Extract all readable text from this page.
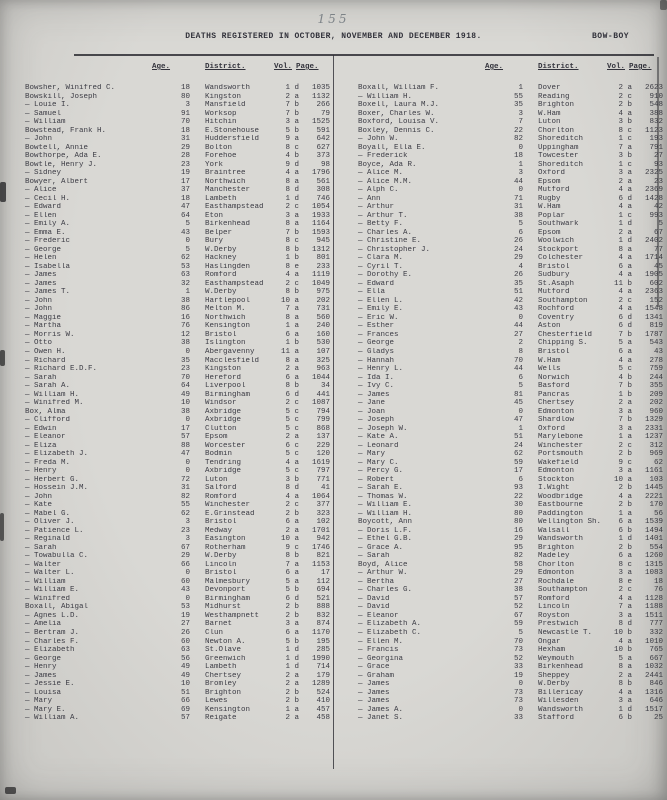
155
DEATHS REGISTERED IN OCTOBER, NOVEMBER AND DECEMBER 1918.	BOW-BOY
Age.	District.	Vol. Page.	Age.	District.	Vol. Page.
Bowsher, Winifred C.	18	Wandsworth	1 d	1035
Bowskill, Joseph	80	Kingston	2 a	1132
— Louie I.	3	Mansfield	7 b	266
— Samuel	91	Worksop	7 b	79
— William	70	Hitchin	3 a	1525
Bowstead, Frank H.	18	E.Stonehouse	5 b	591
— John	31	Huddersfield	9 a	642
Bowtell, Annie	29	Bolton	8 c	627
Bowthorpe, Ada E.	28	Forehoe	4 b	373
Bowtle, Henry J.	23	York	9 d	98
— Sidney	19	Braintree	4 a	1796
Bowyer, Albert	17	Northwich	8 a	561
— Alice	37	Manchester	8 d	308
— Cecil H.	18	Lambeth	1 d	746
— Edward	47	Easthampstead	2 c	1054
— Ellen	64	Eton	3 a	1933
— Emily A.	5	Birkenhead	8 a	1164
— Emma E.	43	Belper	7 b	1593
— Frederic	0	Bury	8 c	945
— George	5	W.Derby	8 b	1312
— Helen	62	Hackney	1 b	801
— Isabella	53	Haslingden	8 e	233
— James	63	Romford	4 a	1119
— James	32	Easthampstead	2 c	1049
— James T.	1	W.Derby	8 b	975
— John	38	Hartlepool	10 a	202
— John	86	Melton M.	7 a	731
— Maggie	16	Northwich	8 a	560
— Martha	76	Kensington	1 a	240
— Morris W.	12	Bristol	6 a	160
— Otto	38	Islington	1 b	530
— Owen H.	0	Abergavenny	11 a	107
— Richard	35	Macclesfield	8 a	325
— Richard E.D.F.	23	Kingston	2 a	963
— Sarah	70	Hereford	6 a	1044
— Sarah A.	64	Liverpool	8 b	34
— William H.	49	Birmingham	6 d	441
— Winifred M.	10	Windsor	2 c	1087
Box, Alma	38	Axbridge	5 c	794
— Clifford	0	Axbridge	5 c	799
— Edwin	17	Clutton	5 c	868
— Eleanor	57	Epsom	2 a	137
— Eliza	88	Worcester	6 c	229
— Elizabeth J.	47	Bodmin	5 c	120
— Freda M.	0	Tendring	4 a	1619
— Henry	0	Axbridge	5 c	797
— Herbert G.	72	Luton	3 b	771
— Hossein J.M.	31	Salford	8 d	41
— John	82	Romford	4 a	1064
— Kate	55	Winchester	2 c	377
— Mabel G.	62	E.Grinstead	2 b	323
— Oliver J.	3	Bristol	6 a	102
— Patience L.	23	Medway	2 a	1701
— Reginald	3	Easington	10 a	942
— Sarah	67	Rotherham	9 c	1746
— Towabulla C.	29	W.Derby	8 b	821
— Walter	66	Lincoln	7 a	1153
— Walter L.	0	Bristol	6 a	17
— William	60	Malmesbury	5 a	112
— William E.	43	Devonport	5 b	694
— Winifred	0	Birmingham	6 d	521
Boxall, Abigal	53	Midhurst	2 b	888
— Agnes L.D.	19	Westhampnett	2 b	832
— Amelia	27	Barnet	3 a	874
— Bertram J.	26	Clun	6 a	1170
— Charles F.	60	Newton A.	5 b	195
— Elizabeth	63	St.Olave	1 d	285
— George	56	Greenwich	1 d	1990
— Henry	49	Lambeth	1 d	714
— James	49	Chertsey	2 a	179
— Jessie E.	10	Bromley	2 a	1289
— Louisa	51	Brighton	2 b	524
— Mary	66	Lewes	2 b	410
— Mary E.	69	Kensington	1 a	457
— William A.	57	Reigate	2 a	458
Boxall, William F.	1	Dover	2 a	2623
— William H.	55	Reading	2 c	910
Boxell, Laura M.J.	35	Brighton	2 b	548
Boxer, Charles W.	3	W.Ham	4 a	388
Boxford, Louisa V.	7	Luton	3 b	832
Boxley, Dennis C.	22	Chorlton	8 c	1123
— John W.	82	Shoreditch	1 c	193
Boyall, Ella E.	0	Uppingham	7 a	791
— Frederick	18	Towcester	3 b	27
Boyce, Ada R.	1	Shoreditch	1 c	93
— Alice M.	3	Oxford	3 a	2325
— Alice M.M.	44	Epsom	2 a	23
— Alph C.	0	Mutford	4 a	2369
— Ann	71	Rugby	6 d	1428
— Arthur	31	W.Ham	4 a	42
— Arthur T.	38	Poplar	1 c	993
— Betty F.	5	Southwark	1 d	5
— Charles A.	6	Epsom	2 a	67
— Christine E.	26	Woolwich	1 d	2402
— Christopher J.	24	Stockport	8 a	77
— Clara M.	29	Colchester	4 a	1714
— Cyril T.	4	Bristol	6 a	45
— Dorothy E.	26	Sudbury	4 a	1905
— Edward	35	St.Asaph	11 b	602
— Ella	51	Mutford	4 a	2363
— Ellen L.	42	Southampton	2 c	152
— Emily E.	43	Rochford	4 a	1548
— Eric W.	0	Coventry	6 d	1341
— Esther	44	Aston	6 d	819
— Frances	27	Chesterfield	7 b	1787
— George	2	Chipping S.	5 a	543
— Gladys	8	Bristol	6 a	43
— Hannah	70	W.Ham	4 a	278
— Henry L.	44	Wells	5 c	759
— Ida I.	6	Norwich	4 b	244
— Ivy C.	5	Basford	7 b	355
— James	81	Pancras	1 b	209
— Jane	45	Chertsey	2 a	202
— Joan	0	Edmonton	3 a	960
— Joseph	47	Shardlow	7 b	1329
— Joseph W.	1	Oxford	3 a	2331
— Kate A.	51	Marylebone	1 a	1237
— Leonard	24	Winchester	2 c	312
— Mary	62	Portsmouth	2 b	969
— Mary C.	59	Wakefield	9 c	62
— Percy G.	17	Edmonton	3 a	1161
— Robert	6	Stockton	10 a	103
— Sarah E.	93	I.Wight	2 b	1445
— Thomas W.	22	Woodbridge	4 a	2221
— William E.	30	Eastbourne	2 b	170
— William H.	80	Paddington	1 a	56
Boycott, Ann	80	Wellington Sh.	6 a	1539
— Doris L.F.	16	Walsall	6 b	1494
— Ethel G.B.	29	Wandsworth	1 d	1401
— Grace A.	95	Brighton	2 b	554
— Sarah	82	Madeley	6 a	1260
Boyd, Alice	58	Chorlton	8 c	1315
— Arthur W.	29	Edmonton	3 a	1083
— Bertha	27	Rochdale	8 e	18
— Charles G.	38	Southampton	2 c	76
— David	57	Romford	4 a	1128
— David	52	Lincoln	7 a	1188
— Eleanor	67	Royston	3 a	1511
— Elizabeth A.	59	Prestwich	8 d	777
— Elizabeth C.	5	Newcastle T.	10 b	332
— Ellen M.	70	Ongar	4 a	1010
— Francis	73	Hexham	10 b	765
— Georgina	52	Weymouth	5 a	667
— Grace	33	Birkenhead	8 a	1032
— Graham	19	Sheppey	2 a	2441
— James	0	W.Derby	8 b	846
— James	73	Billericay	4 a	1316
— James	73	Willesden	3 a	646
— James A.	0	Wandsworth	1 d	1517
— Janet S.	33	Stafford	6 b	25
